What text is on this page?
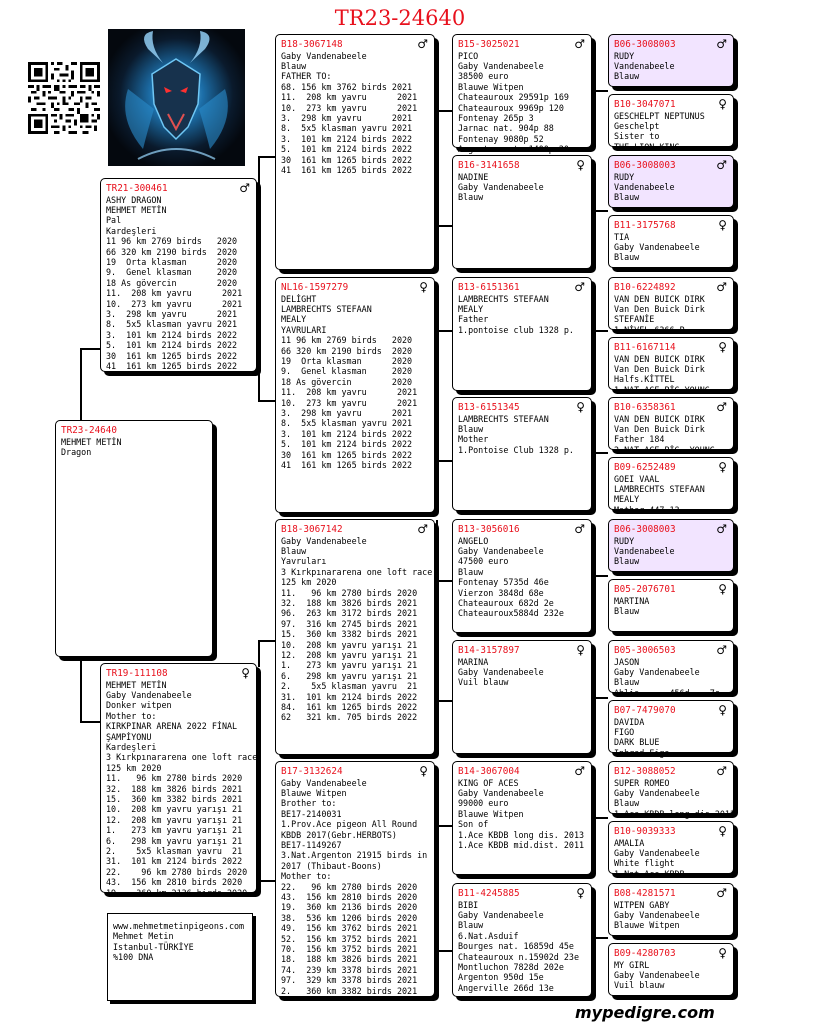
TR23-24640
TR23-24640
MEHMET METİN
Dragon
TR21-300461	♂
ASHY DRAGON
MEHMET METİN
Pal
Kardeşleri
11 96 km 2769 birds   2020
66 320 km 2190 birds  2020
19  Orta klasman      2020
9.  Genel klasman     2020
18 As gövercin        2020
11.  208 km yavru      2021
10.  273 km yavru      2021
3.  298 km yavru      2021
8.  5x5 klasman yavru 2021
3.  101 km 2124 birds 2022
5.  101 km 2124 birds 2022
30  161 km 1265 birds 2022
41  161 km 1265 birds 2022
TR19-111108	♀
MEHMET METİN
Gaby Vandenabeele
Donker witpen
Mother to:
KIRKPINAR ARENA 2022 FİNAL
ŞAMPİYONU
Kardeşleri
3 Kırkpınararena one loft race
125 km 2020
11.   96 km 2780 birds 2020
32.  188 km 3826 birds 2021
15.  360 km 3382 birds 2021
10.  208 km yavru yarışı 21
12.  208 km yavru yarışı 21
1.   273 km yavru yarışı 21
6.   298 km yavru yarışı 21
2.    5x5 klasman yavru  21
31.  101 km 2124 birds 2022
22.    96 km 2780 birds 2020
43.  156 km 2810 birds 2020
19.   360 km 2136 birds 2020
B18-3067148	♂
Gaby Vandenabeele
Blauw
FATHER TO:
68. 156 km 3762 birds 2021
11.  208 km yavru      2021
10.  273 km yavru      2021
3.  298 km yavru      2021
8.  5x5 klasman yavru 2021
3.  101 km 2124 birds 2022
5.  101 km 2124 birds 2022
30  161 km 1265 birds 2022
41  161 km 1265 birds 2022
NL16-1597279	♀
DELİGHT
LAMBRECHTS STEFAAN
MEALY
YAVRULARI
11 96 km 2769 birds   2020
66 320 km 2190 birds  2020
19  Orta klasman      2020
9.  Genel klasman     2020
18 As gövercin        2020
11.  208 km yavru      2021
10.  273 km yavru      2021
3.  298 km yavru      2021
8.  5x5 klasman yavru 2021
3.  101 km 2124 birds 2022
5.  101 km 2124 birds 2022
30  161 km 1265 birds 2022
41  161 km 1265 birds 2022
B18-3067142	♂
Gaby Vandenabeele
Blauw
Yavruları
3 Kırkpınararena one loft race
125 km 2020
11.   96 km 2780 birds 2020
32.  188 km 3826 birds 2021
96.  263 km 3172 birds 2021
97.  316 km 2745 birds 2021
15.  360 km 3382 birds 2021
10.  208 km yavru yarışı 21
12.  208 km yavru yarışı 21
1.   273 km yavru yarışı 21
6.   298 km yavru yarışı 21
2.    5x5 klasman yavru  21
31.  101 km 2124 birds 2022
84.  161 km 1265 birds 2022
62   321 km. 705 birds 2022
B17-3132624	♀
Gaby Vandenabeele
Blauwe Witpen
Brother to:
BE17-2140031
1.Prov.Ace pigeon All Round
KBDB 2017(Gebr.HERBOTS)
BE17-1149267
3.Nat.Argenton 21915 birds in
2017 (Thibaut-Boons)
Mother to:
22.   96 km 2780 birds 2020
43.  156 km 2810 birds 2020
19.  360 km 2136 birds 2020
38.  536 km 1206 birds 2020
49.  156 km 3762 birds 2021
52.  156 km 3752 birds 2021
70.  156 km 3752 birds 2021
18.  188 km 3826 birds 2021
74.  239 km 3378 birds 2021
97.  329 km 3378 birds 2021
2.   360 km 3382 birds 2021
B15-3025021	♂
PICO
Gaby Vandenabeele
38500 euro
Blauwe Witpen
Chateauroux 29591p 169
Chateauroux 9969p 120
Fontenay 265p 3
Jarnac nat. 904p 88
Fontenay 9080p 52
Argenton nat. 1400p 20
B16-3141658	♀
NADINE
Gaby Vandenabeele
Blauw
B13-6151361	♂
LAMBRECHTS STEFAAN
MEALY
Father
1.pontoise club 1328 p.
B13-6151345	♀
LAMBRECHTS STEFAAN
Blauw
Mother
1.Pontoise Club 1328 p.
B13-3056016	♂
ANGELO
Gaby Vandenabeele
47500 euro
Blauw
Fontenay 5735d 46e
Vierzon 3848d 68e
Chateauroux 682d 2e
Chateauroux5884d 232e
B14-3157897	♀
MARINA
Gaby Vandenabeele
Vuil blauw
B14-3067004	♂
KING OF ACES
Gaby Vandenabeele
99000 euro
Blauwe Witpen
Son of
1.Ace KBDB long dis. 2013
1.Ace KBDB mid.dist. 2011
B11-4245885	♀
BIBI
Gaby Vandenabeele
Blauw
6.Nat.Asduif
Bourges nat. 16859d 45e
Chateauroux n.15902d 23e
Montluchon 7828d 202e
Argenton 950d 15e
Angerville 266d 13e
B06-3008003	♂
RUDY
Vandenabeele
Blauw
B10-3047071	♀
GESCHELPT NEPTUNUS
Geschelpt
Sister to
THE LION KING
B06-3008003	♂
RUDY
Vandenabeele
Blauw
B11-3175768	♀
TIA
Gaby Vandenabeele
Blauw
B10-6224892	♂
VAN DEN BUICK DIRK
Van Den Buick Dirk
STEFANİE
1.NİVEL 6366 P.
B11-6167114	♀
VAN DEN BUICK DIRK
Van Den Buick Dirk
Halfs.KİTTEL
1.NAT.ACE PİG.YOUNG
B10-6358361	♂
VAN DEN BUICK DIRK
Van Den Buick Dirk
Father 184
2.NAT.ACE PİG. YOUNG
B09-6252489	♀
GOEI VAAL
LAMBRECHTS STEFAAN
MEALY
Mother 447-13
B06-3008003	♂
RUDY
Vandenabeele
Blauw
B05-2076701	♀
MARTINA
Blauw
B05-3006503	♂
JASON
Gaby Vandenabeele
Blauw
Ablis      456d    7e
B07-7479070	♀
DAVIDA
FIGO
DARK BLUE
Inbred Figo
B12-3088052	♂
SUPER ROMEO
Gaby Vandenabeele
Blauw
1.Ace KBDB long dis.2013
B10-9039333	♀
AMALIA
Gaby Vandenabeele
White flight
1.Nat.Ace KBDB
B08-4281571	♂
WITPEN GABY
Gaby Vandenabeele
Blauwe Witpen
B09-4280703	♀
MY GIRL
Gaby Vandenabeele
Vuil blauw
www.mehmetmetinpigeons.com
Mehmet Metin
Istanbul-TÜRKİYE
%100 DNA
mypedigre.com
